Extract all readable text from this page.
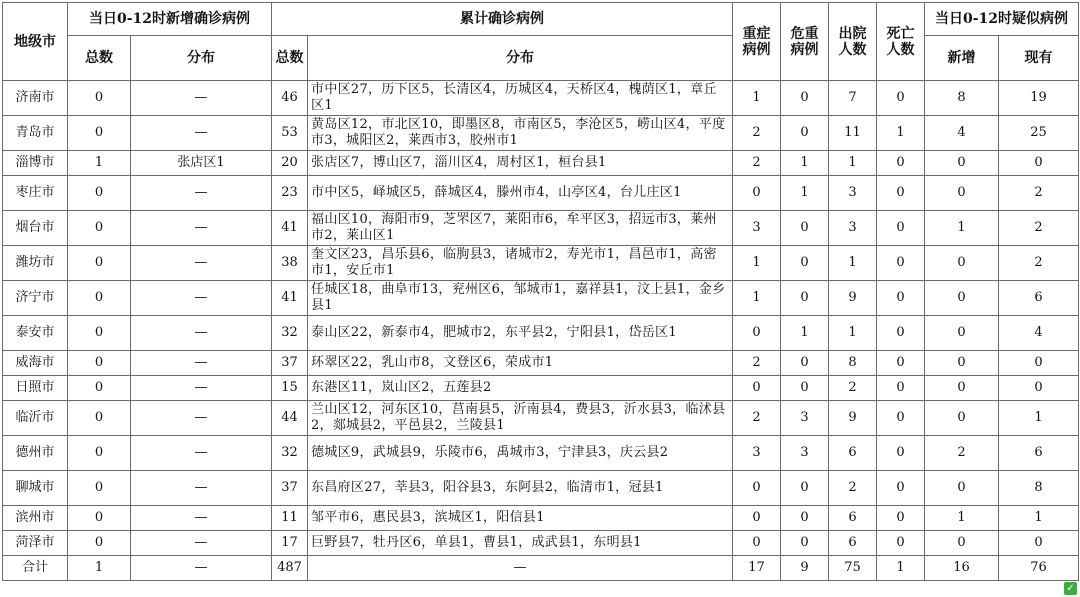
地级市	当日0-12时新增确诊病例		累计确诊病例		重症病例	危重病例	出院人数	死亡人数	当日0-12时疑似病例	
	总数	分布	总数	分布					新增	现有
济南市	0	—	46	市中区27，历下区5，长清区4，历城区4，天桥区4，槐荫区1，章丘区1	1	0	7	0	8	19
青岛市	0	—	53	黄岛区12，市北区10，即墨区8，市南区5，李沧区5，崂山区4，平度市3，城阳区2，莱西市3，胶州市1	2	0	11	1	4	25
淄博市	1	张店区1	20	张店区7，博山区7，淄川区4，周村区1，桓台县1	2	1	1	0	0	0
枣庄市	0	—	23	市中区5，峄城区5，薛城区4，滕州市4，山亭区4，台儿庄区1	0	1	3	0	0	2
烟台市	0	—	41	福山区10，海阳市9，芝罘区7，莱阳市6，牟平区3，招远市3，莱州市2，莱山区1	3	0	3	0	1	2
潍坊市	0	—	38	奎文区23，昌乐县6，临朐县3，诸城市2，寿光市1，昌邑市1，高密市1，安丘市1	1	0	1	0	0	2
济宁市	0	—	41	任城区18，曲阜市13，兖州区6，邹城市1，嘉祥县1，汶上县1，金乡县1	1	0	9	0	0	6
泰安市	0	—	32	泰山区22，新泰市4，肥城市2，东平县2，宁阳县1，岱岳区1	0	1	1	0	0	4
威海市	0	—	37	环翠区22，乳山市8，文登区6，荣成市1	2	0	8	0	0	0
日照市	0	—	15	东港区11，岚山区2，五莲县2	0	0	2	0	0	0
临沂市	0	—	44	兰山区12，河东区10，莒南县5，沂南县4，费县3，沂水县3，临沭县2，郯城县2，平邑县2，兰陵县1	2	3	9	0	0	1
德州市	0	—	32	德城区9，武城县9，乐陵市6，禹城市3，宁津县3，庆云县2	3	3	6	0	2	6
聊城市	0	—	37	东昌府区27，莘县3，阳谷县3，东阿县2，临清市1，冠县1	0	0	2	0	0	8
滨州市	0	—	11	邹平市6，惠民县3，滨城区1，阳信县1	0	0	6	0	1	1
菏泽市	0	—	17	巨野县7，牡丹区6，单县1，曹县1，成武县1，东明县1	0	0	6	0	0	0
合计	1	—	487	—	17	9	75	1	16	76
✓
